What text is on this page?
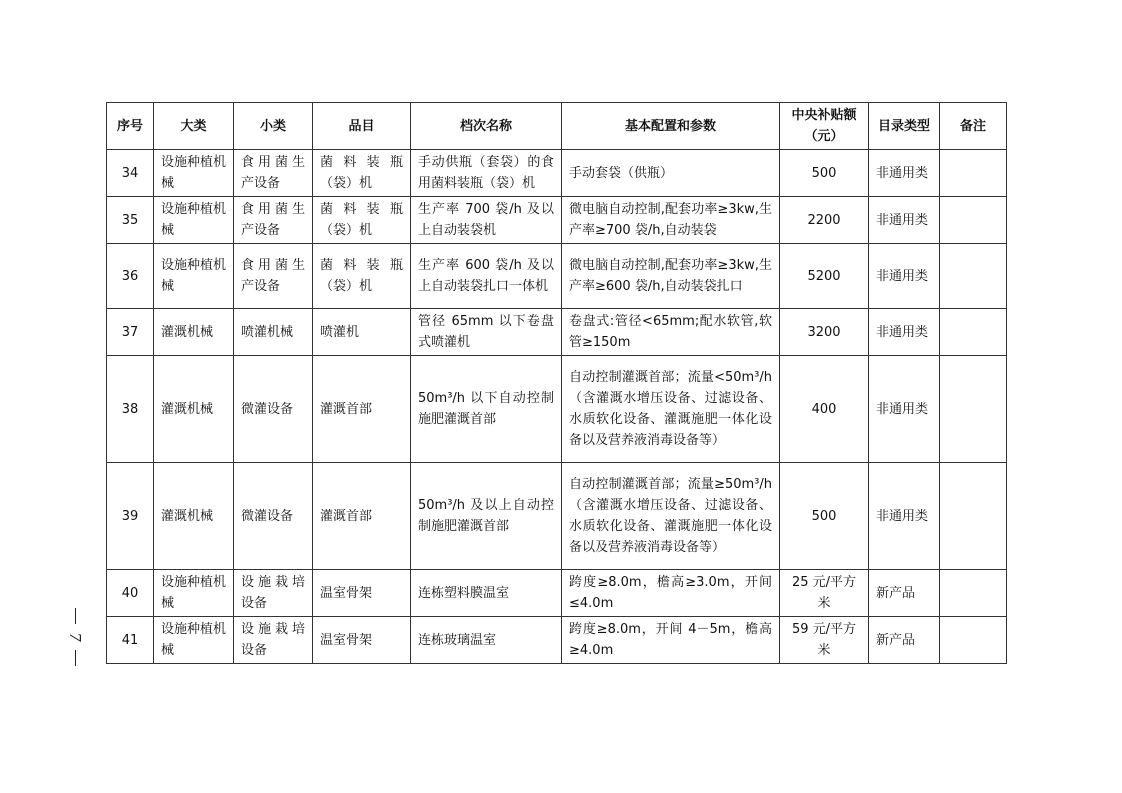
序号	大类	小类	品目	档次名称	基本配置和参数	中央补贴额（元）	目录类型	备注
34	设施种植机械	食用菌生产设备	菌料装瓶（袋）机	手动供瓶（套袋）的食用菌料装瓶（袋）机	手动套袋（供瓶）	500	非通用类	
35	设施种植机械	食用菌生产设备	菌料装瓶（袋）机	生产率 700 袋/h 及以上自动装袋机	微电脑自动控制,配套功率≥3kw,生产率≥700 袋/h,自动装袋	2200	非通用类	
36	设施种植机械	食用菌生产设备	菌料装瓶（袋）机	生产率 600 袋/h 及以上自动装袋扎口一体机	微电脑自动控制,配套功率≥3kw,生产率≥600 袋/h,自动装袋扎口	5200	非通用类	
37	灌溉机械	喷灌机械	喷灌机	管径 65mm 以下卷盘式喷灌机	卷盘式:管径<65mm;配水软管,软管≥150m	3200	非通用类	
38	灌溉机械	微灌设备	灌溉首部	50m³/h 以下自动控制施肥灌溉首部	自动控制灌溉首部；流量<50m³/h（含灌溉水增压设备、过滤设备、水质软化设备、灌溉施肥一体化设备以及营养液消毒设备等）	400	非通用类	
39	灌溉机械	微灌设备	灌溉首部	50m³/h 及以上自动控制施肥灌溉首部	自动控制灌溉首部；流量≥50m³/h（含灌溉水增压设备、过滤设备、水质软化设备、灌溉施肥一体化设备以及营养液消毒设备等）	500	非通用类	
40	设施种植机械	设施栽培设备	温室骨架	连栋塑料膜温室	跨度≥8.0m，檐高≥3.0m，开间≤4.0m	25 元/平方米	新产品	
41	设施种植机械	设施栽培设备	温室骨架	连栋玻璃温室	跨度≥8.0m，开间 4－5m，檐高≥4.0m	59 元/平方米	新产品	
7
